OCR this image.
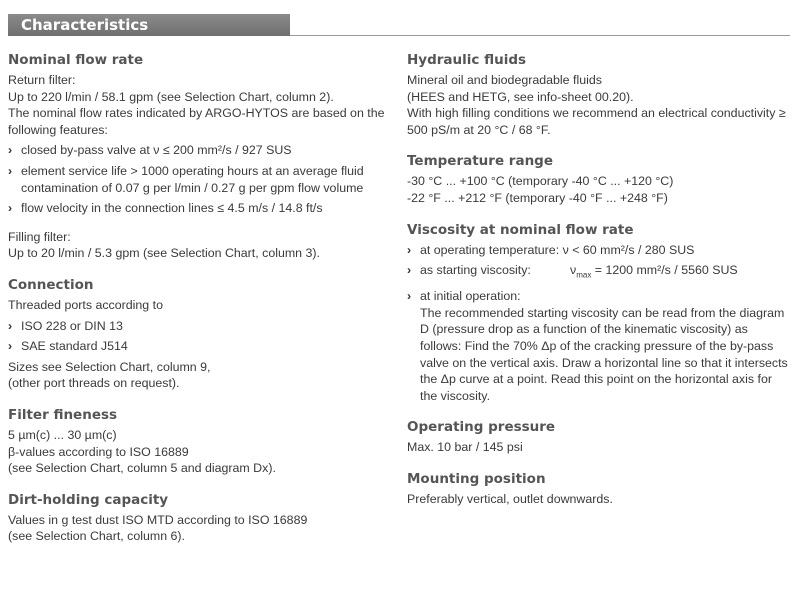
Characteristics
Nominal flow rate

Return filter:

Up to 220 l/min / 58.1 gpm (see Selection Chart, column 2).

The nominal flow rates indicated by ARGO-HYTOS are based on the following features:

› closed by-pass valve at ν ≤ 200 mm²/s / 927 SUS
› element service life > 1000 operating hours at an average fluid contamination of 0.07 g per l/min / 0.27 g per gpm flow volume
› flow velocity in the connection lines ≤ 4.5 m/s / 14.8 ft/s

Filling filter:

Up to 20 l/min / 5.3 gpm (see Selection Chart, column 3).

Connection

Threaded ports according to

› ISO 228 or DIN 13
› SAE standard J514

Sizes see Selection Chart, column 9,

(other port threads on request).

Filter fineness

5 µm(c) ... 30 µm(c)

β-values according to ISO 16889

(see Selection Chart, column 5 and diagram Dx).

Dirt-holding capacity

Values in g test dust ISO MTD according to ISO 16889

(see Selection Chart, column 6).

Hydraulic fluids

Mineral oil and biodegradable fluids

(HEES and HETG, see info-sheet 00.20).

With high filling conditions we recommend an electrical conductivity ≥ 500 pS/m at 20 °C / 68 °F.

Temperature range

-30 °C ... +100 °C (temporary -40 °C ... +120 °C)

-22 °F ... +212 °F (temporary -40 °F ... +248 °F)

Viscosity at nominal flow rate
› at operating temperature: ν < 60 mm²/s / 280 SUS
› as starting viscosity:	$\nu_{max} = 1200$ mm²/s / 5560 SUS
› at initial operation:
The recommended starting viscosity can be read from the diagram D (pressure drop as a function of the kinematic viscosity) as follows: Find the 70% Δp of the cracking pressure of the by-pass valve on the vertical axis. Draw a horizontal line so that it intersects the Δp curve at a point. Read this point on the horizontal axis for the viscosity.
Operating pressure

Max. 10 bar / 145 psi

Mounting position

Preferably vertical, outlet downwards.
